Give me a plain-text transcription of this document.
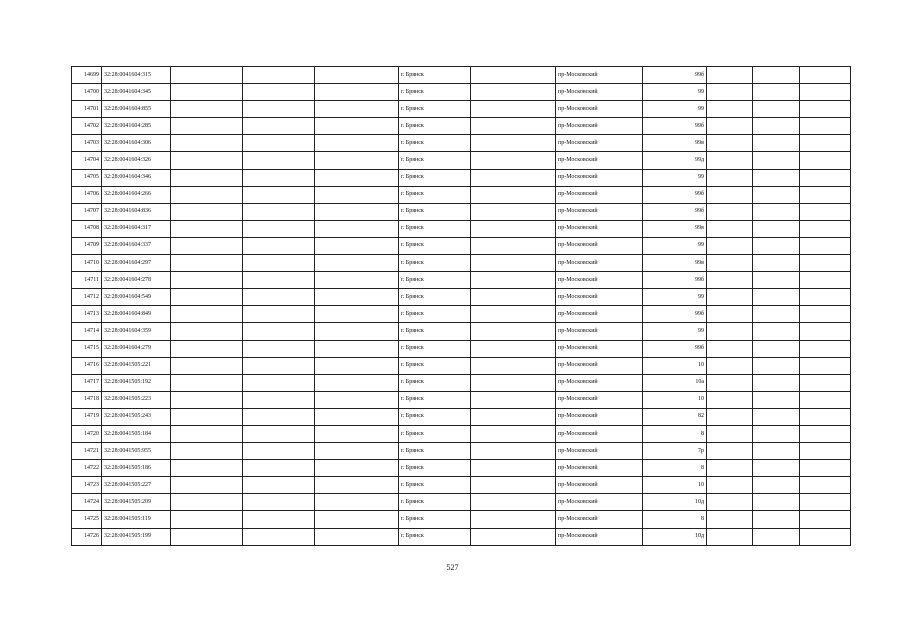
14699	32:28:0041604:315				г. Брянск		пр-Московский	99б			
14700	32:28:0041604:345				г. Брянск		пр-Московский	99			
14701	32:28:0041604:855				г. Брянск		пр-Московский	99			
14702	32:28:0041604:285				г. Брянск		пр-Московский	99б			
14703	32:28:0041604:306				г. Брянск		пр-Московский	99в			
14704	32:28:0041604:326				г. Брянск		пр-Московский	99д			
14705	32:28:0041604:346				г. Брянск		пр-Московский	99			
14706	32:28:0041604:266				г. Брянск		пр-Московский	99б			
14707	32:28:0041604:836				г. Брянск		пр-Московский	99б			
14708	32:28:0041604:317				г. Брянск		пр-Московский	99в			
14709	32:28:0041604:337				г. Брянск		пр-Московский	99			
14710	32:28:0041604:297				г. Брянск		пр-Московский	99в			
14711	32:28:0041604:278				г. Брянск		пр-Московский	99б			
14712	32:28:0041604:549				г. Брянск		пр-Московский	99			
14713	32:28:0041604:849				г. Брянск		пр-Московский	99б			
14714	32:28:0041604:359				г. Брянск		пр-Московский	99			
14715	32:28:0041604:279				г. Брянск		пр-Московский	99б			
14716	32:28:0041505:221				г. Брянск		пр-Московский	10			
14717	32:28:0041505:192				г. Брянск		пр-Московский	10а			
14718	32:28:0041505:223				г. Брянск		пр-Московский	10			
14719	32:28:0041505:243				г. Брянск		пр-Московский	82			
14720	32:28:0041505:184				г. Брянск		пр-Московский	8			
14721	32:28:0041505:955				г. Брянск		пр-Московский	7р			
14722	32:28:0041505:186				г. Брянск		пр-Московский	8			
14723	32:28:0041505:227				г. Брянск		пр-Московский	10			
14724	32:28:0041505:209				г. Брянск		пр-Московский	10д			
14725	32:28:0041505:119				г. Брянск		пр-Московский	8			
14726	32:28:0041505:199				г. Брянск		пр-Московский	10д			
527
